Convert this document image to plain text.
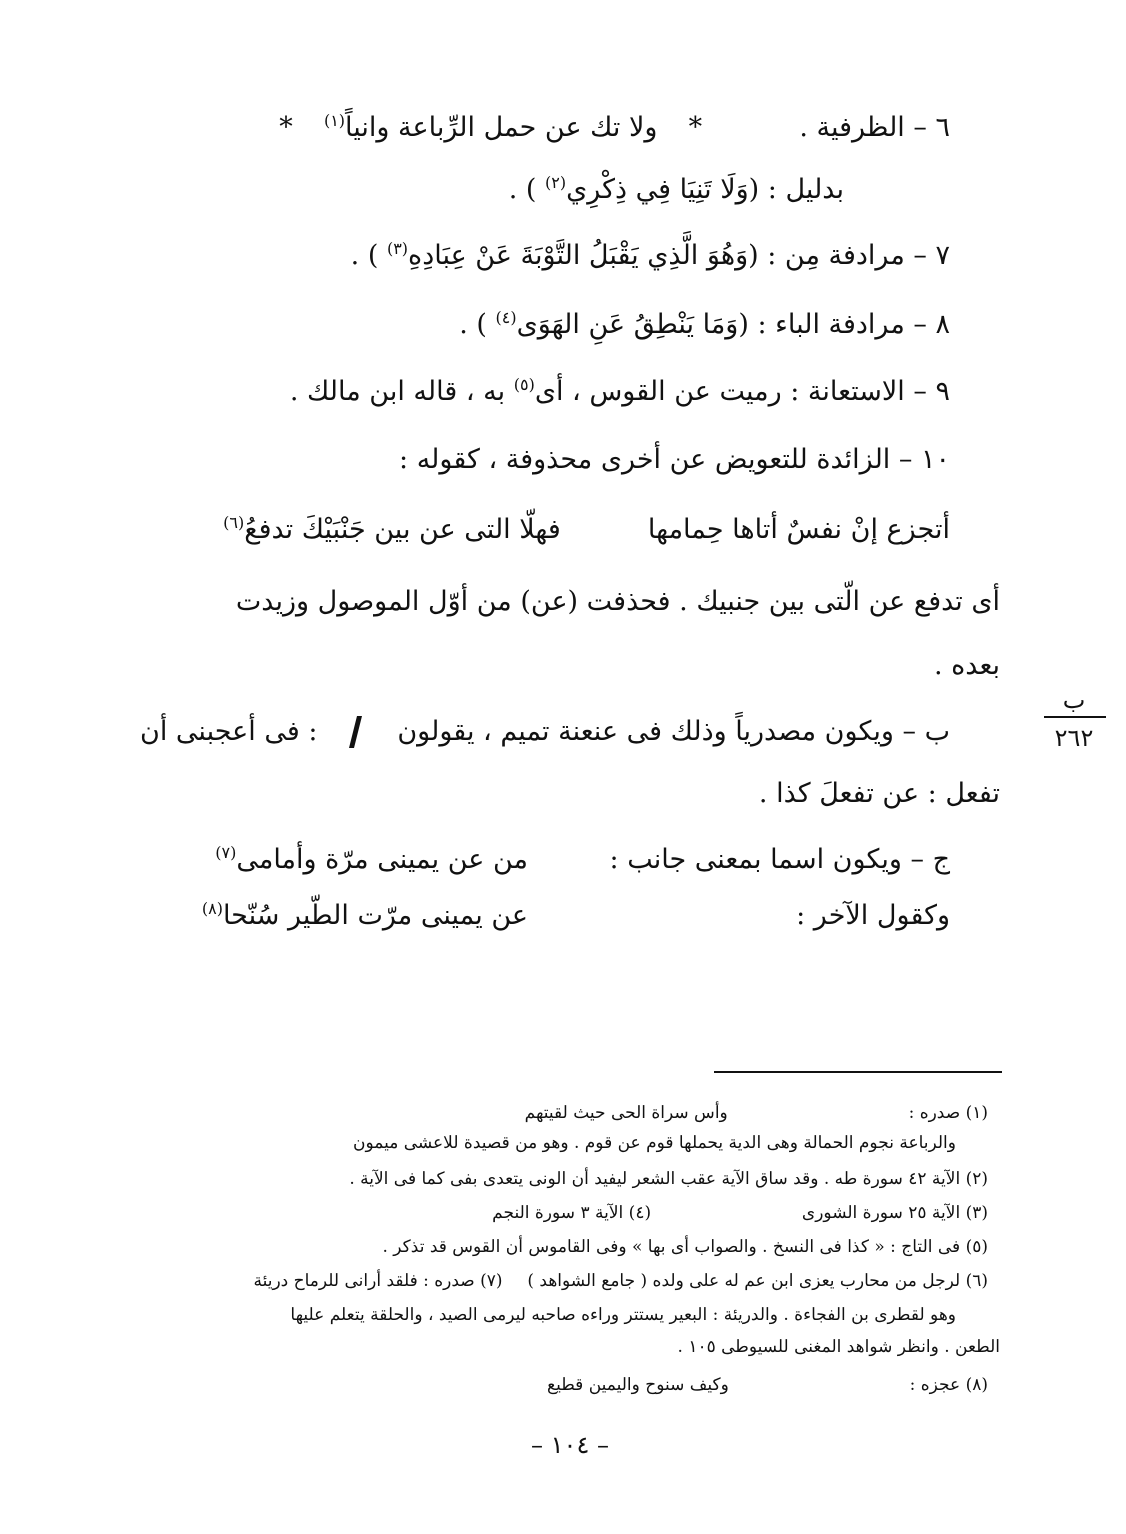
٦ – الظرفية .  *  ولا تك عن حمل الرِّباعة وانياً$^{(١)}$  *
بدليل : (وَلَا تَنِيَا فِي ذِكْرِي$^{(٢)}$ ) .
٧ – مرادفة مِن : (وَهُوَ الَّذِي يَقْبَلُ التَّوْبَةَ عَنْ عِبَادِهِ$^{(٣)}$ ) .
٨ – مرادفة الباء : (وَمَا يَنْطِقُ عَنِ الهَوَى$^{(٤)}$ ) .
٩ – الاستعانة : رميت عن القوس ، أى$^{(٥)}$ به ، قاله ابن مالك .
١٠ – الزائدة للتعويض عن أخرى محذوفة ، كقوله :
أتجزع إنْ نفسٌ أتاها حِمامها  فهلّا التى عن بين جَنْبَيْكَ تدفعُ$^{(٦)}$
أى تدفع عن الّتى بين جنبيك . فحذفت (عن) من أوّل الموصول وزيدت
بعده .
ب
٢٦٢
ب – ويكون مصدرياً وذلك فى عنعنة تميم ، يقولون
: فى أعجبنى أن
تفعل : عن تفعلَ كذا .
ج – ويكون اسما بمعنى جانب :
من عن يمينى مرّة وأمامى$^{(٧)}$
وكقول الآخر :
عن يمينى مرّت الطّير سُنّحا$^{(٨)}$
(١) صدره :  وأس سراة الحى حيث لقيتهم
والرباعة نجوم الحمالة وهى الدية يحملها قوم عن قوم . وهو من قصيدة للاعشى ميمون
(٢) الآية ٤٢ سورة طه . وقد ساق الآية عقب الشعر ليفيد أن الونى يتعدى بفى كما فى الآية .
(٣) الآية ٢٥ سورة الشورى  (٤) الآية ٣ سورة النجم
(٥) فى التاج : « كذا فى النسخ . والصواب أى بها » وفى القاموس أن القوس قد تذكر .
(٦) لرجل من محارب يعزى ابن عم له على ولده ( جامع الشواهد )  (٧) صدره : فلقد أرانى للرماح دريئة
وهو لقطرى بن الفجاءة . والدريئة : البعير يستتر وراءه صاحبه ليرمى الصيد ، والحلقة يتعلم عليها
الطعن . وانظر شواهد المغنى للسيوطى ١٠٥ .
(٨) عجزه :  وكيف سنوح واليمين قطيع
– ١٠٤ –
